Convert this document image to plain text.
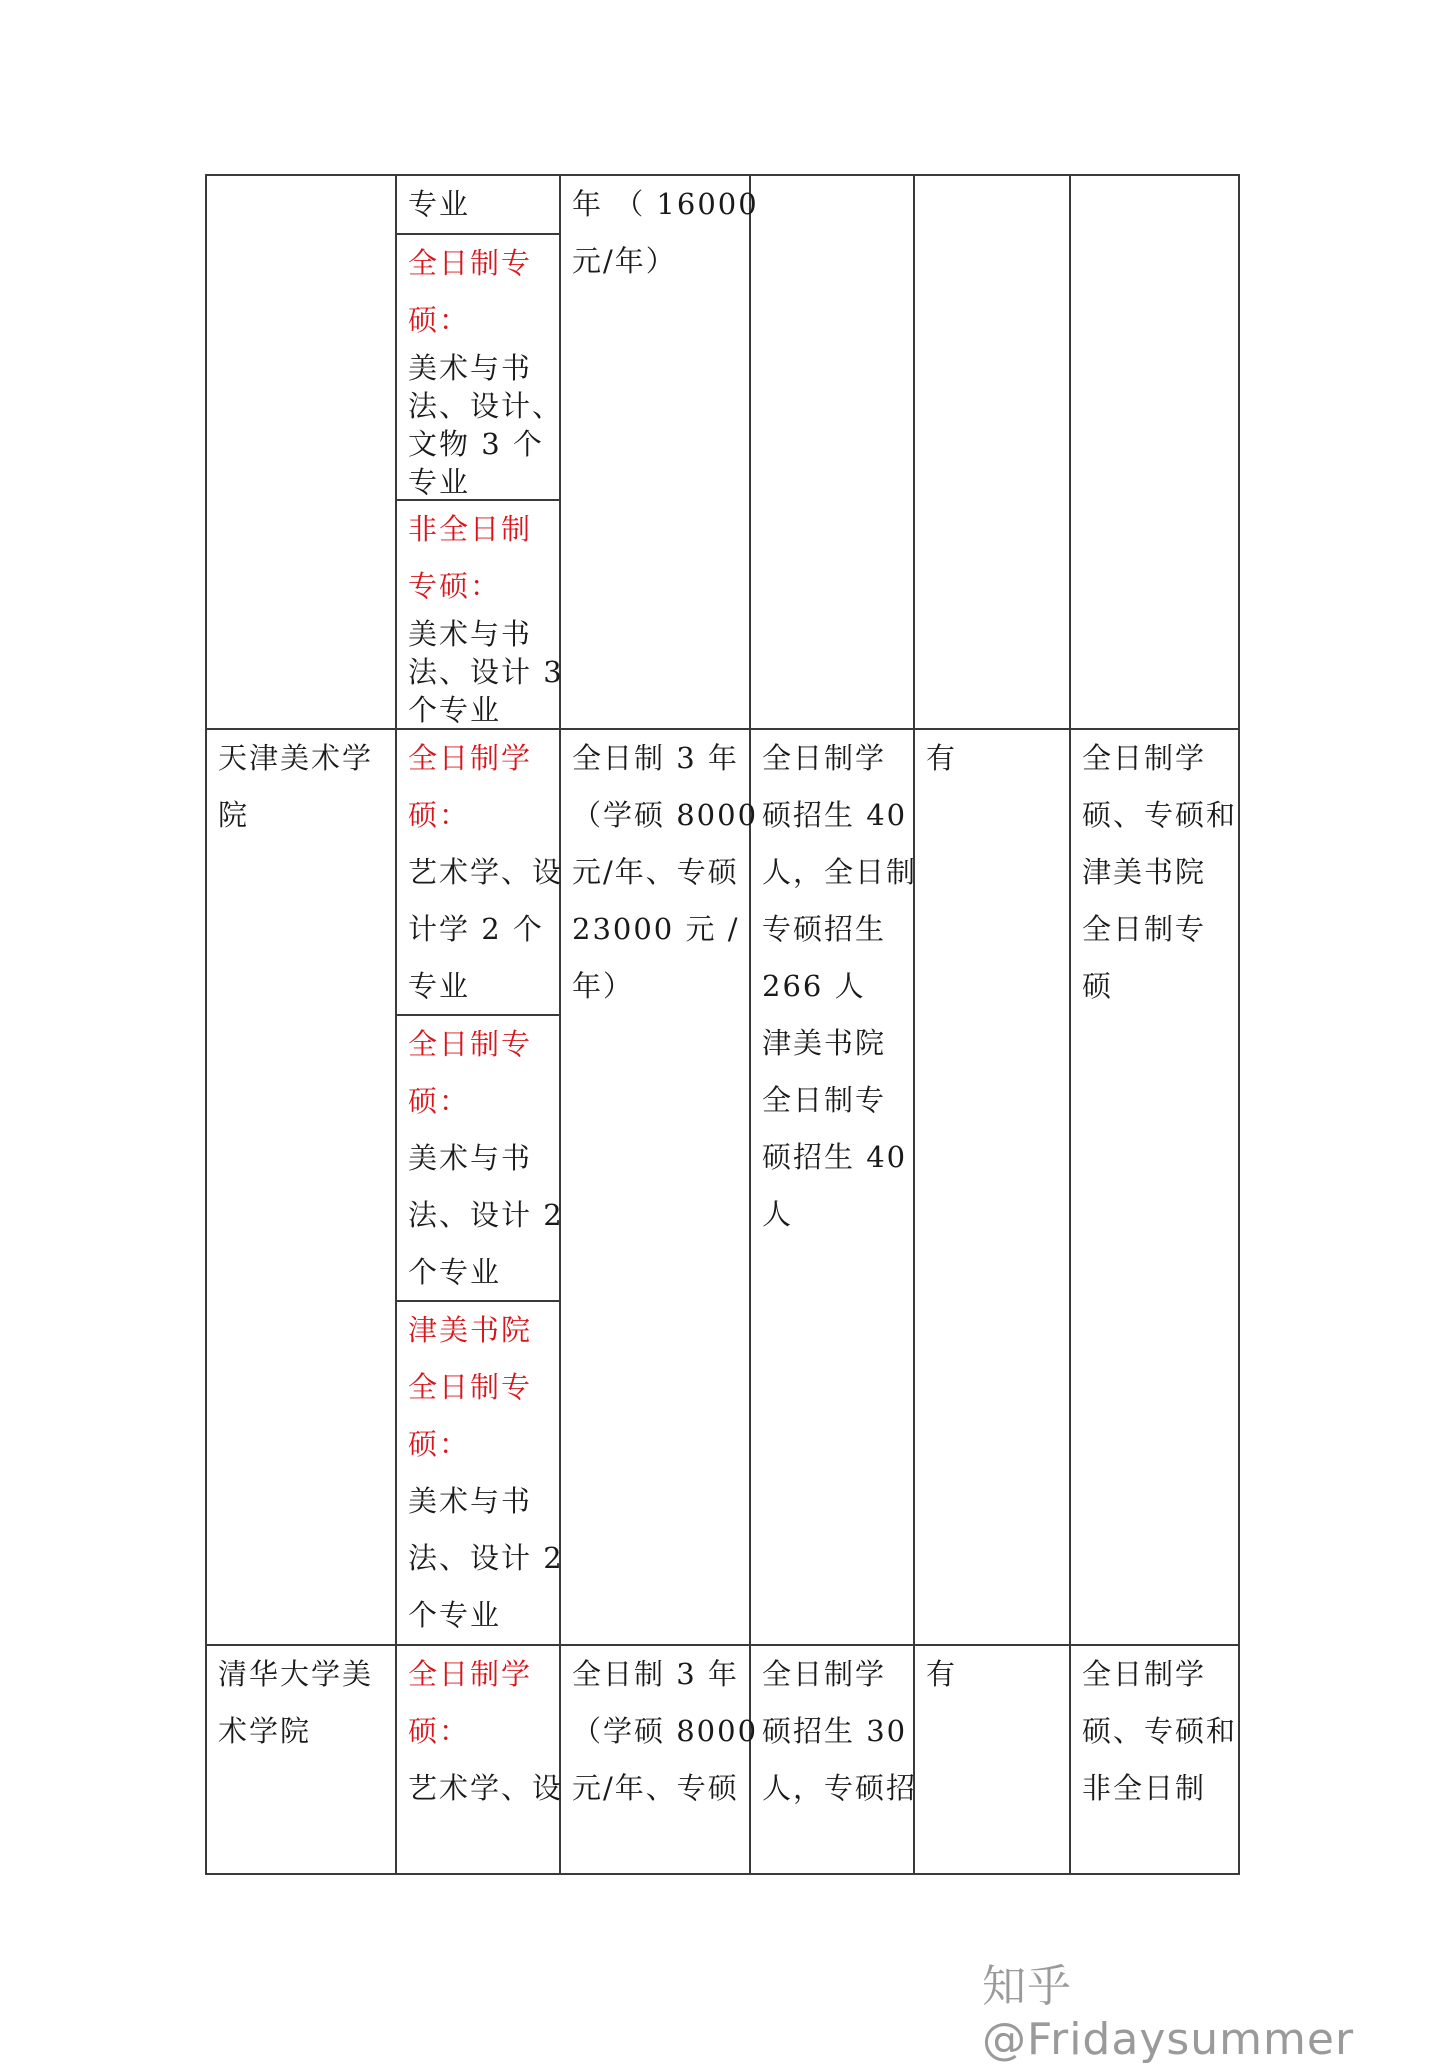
专业
全日制专
硕：
美术与书
法、设计、
文物 3 个
专业
非全日制
专硕：
美术与书
法、设计 3
个专业
年 （ 16000
元/年）
天津美术学
院
全日制学
硕：
艺术学、设
计学 2 个
专业
全日制专
硕：
美术与书
法、设计 2
个专业
津美书院
全日制专
硕：
美术与书
法、设计 2
个专业
全日制 3 年
（学硕 8000
元/年、专硕
23000 元 /
年）
全日制学
硕招生 40
人，全日制
专硕招生
266 人
津美书院
全日制专
硕招生 40
人
有	全日制学
硕、专硕和
津美书院
全日制专
硕
清华大学美
术学院
全日制学
硕：
艺术学、设
全日制 3 年
（学硕 8000
元/年、专硕
全日制学
硕招生 30
人，专硕招
有	全日制学
硕、专硕和
非全日制
知乎 @Fridaysummer
